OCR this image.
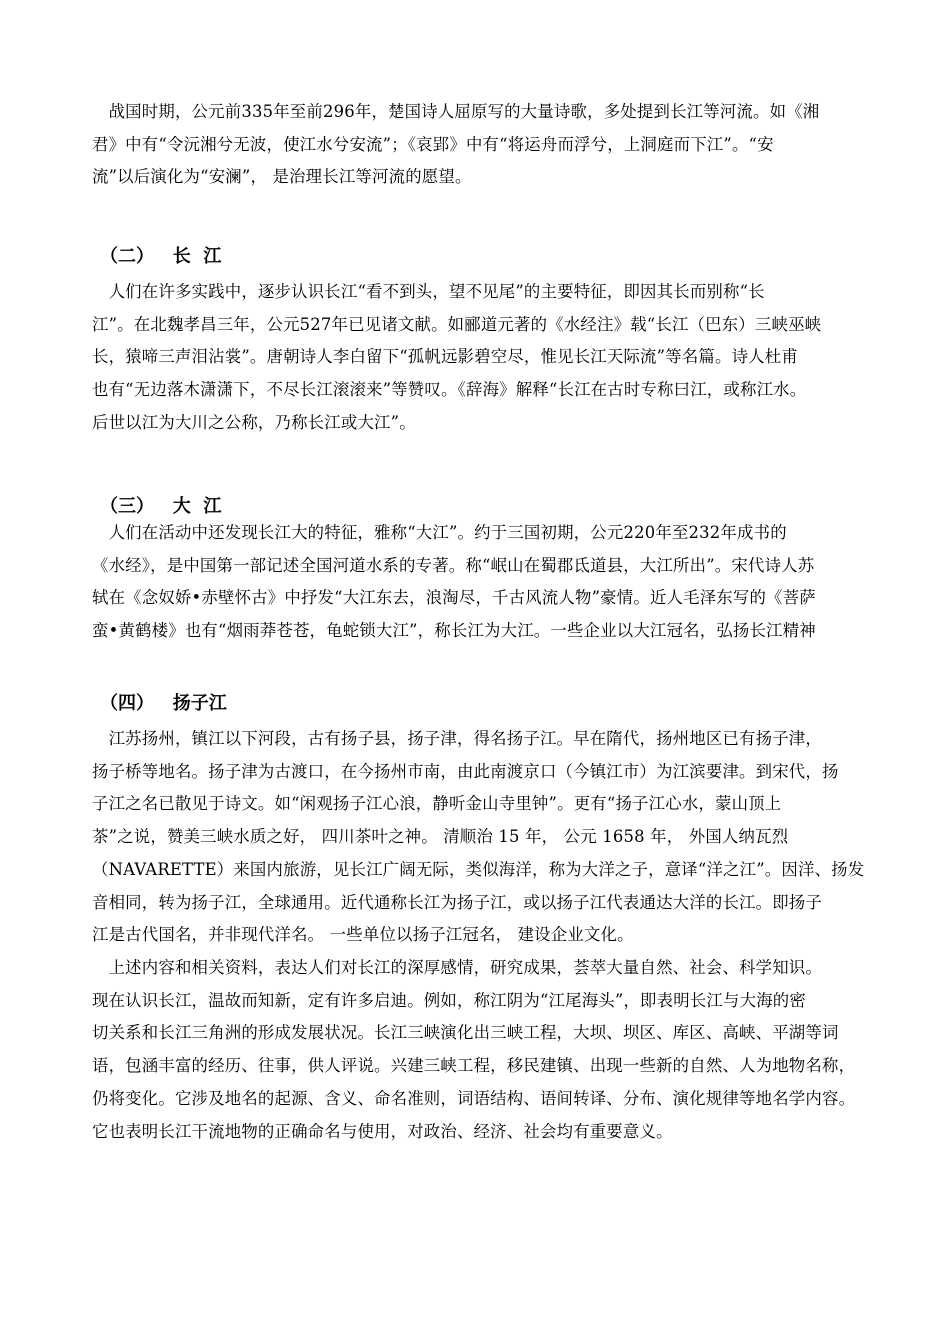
　战国时期，公元前335年至前296年，楚国诗人屈原写的大量诗歌，多处提到长江等河流。如《湘
君》中有“令沅湘兮无波，使江水兮安流”；《哀郢》中有“将运舟而浮兮，上洞庭而下江”。“安
流”以后演化为“安澜”， 是治理长江等河流的愿望。

（二）   长  江

　人们在许多实践中，逐步认识长江“看不到头，望不见尾”的主要特征，即因其长而别称“长
江”。在北魏孝昌三年，公元527年已见诸文献。如郦道元著的《水经注》载“长江（巴东）三峡巫峡
长，猿啼三声泪沾裳”。唐朝诗人李白留下“孤帆远影碧空尽，惟见长江天际流”等名篇。诗人杜甫
也有“无边落木潇潇下，不尽长江滚滚来”等赞叹。《辞海》解释“长江在古时专称曰江，或称江水。
后世以江为大川之公称，乃称长江或大江”。

（三）   大  江

　人们在活动中还发现长江大的特征，雅称“大江”。约于三国初期，公元220年至232年成书的
《水经》，是中国第一部记述全国河道水系的专著。称“岷山在蜀郡氐道县，大江所出”。宋代诗人苏
轼在《念奴娇•赤壁怀古》中抒发“大江东去，浪淘尽，千古风流人物”豪情。近人毛泽东写的《菩萨
蛮•黄鹤楼》也有“烟雨莽苍苍，龟蛇锁大江”，称长江为大江。一些企业以大江冠名，弘扬长江精神

（四）   扬子江

　江苏扬州，镇江以下河段，古有扬子县，扬子津，得名扬子江。早在隋代，扬州地区已有扬子津，
扬子桥等地名。扬子津为古渡口，在今扬州市南，由此南渡京口（今镇江市）为江滨要津。到宋代，扬
子江之名已散见于诗文。如“闲观扬子江心浪，静听金山寺里钟”。更有“扬子江心水，蒙山顶上
茶”之说，赞美三峡水质之好， 四川茶叶之神。 清顺治 15 年， 公元 1658 年， 外国人纳瓦烈
（NAVARETTE）来国内旅游，见长江广阔无际，类似海洋，称为大洋之子，意译“洋之江”。因洋、扬发
音相同，转为扬子江，全球通用。近代通称长江为扬子江，或以扬子江代表通达大洋的长江。即扬子
江是古代国名，并非现代洋名。 一些单位以扬子江冠名， 建设企业文化。

　上述内容和相关资料，表达人们对长江的深厚感情，研究成果，荟萃大量自然、社会、科学知识。
现在认识长江，温故而知新，定有许多启迪。例如，称江阴为“江尾海头”，即表明长江与大海的密
切关系和长江三角洲的形成发展状况。长江三峡演化出三峡工程，大坝、坝区、库区、高峡、平湖等词
语，包涵丰富的经历、往事，供人评说。兴建三峡工程，移民建镇、出现一些新的自然、人为地物名称，
仍将变化。它涉及地名的起源、含义、命名准则，词语结构、语间转译、分布、演化规律等地名学内容。
它也表明长江干流地物的正确命名与使用，对政治、经济、社会均有重要意义。
